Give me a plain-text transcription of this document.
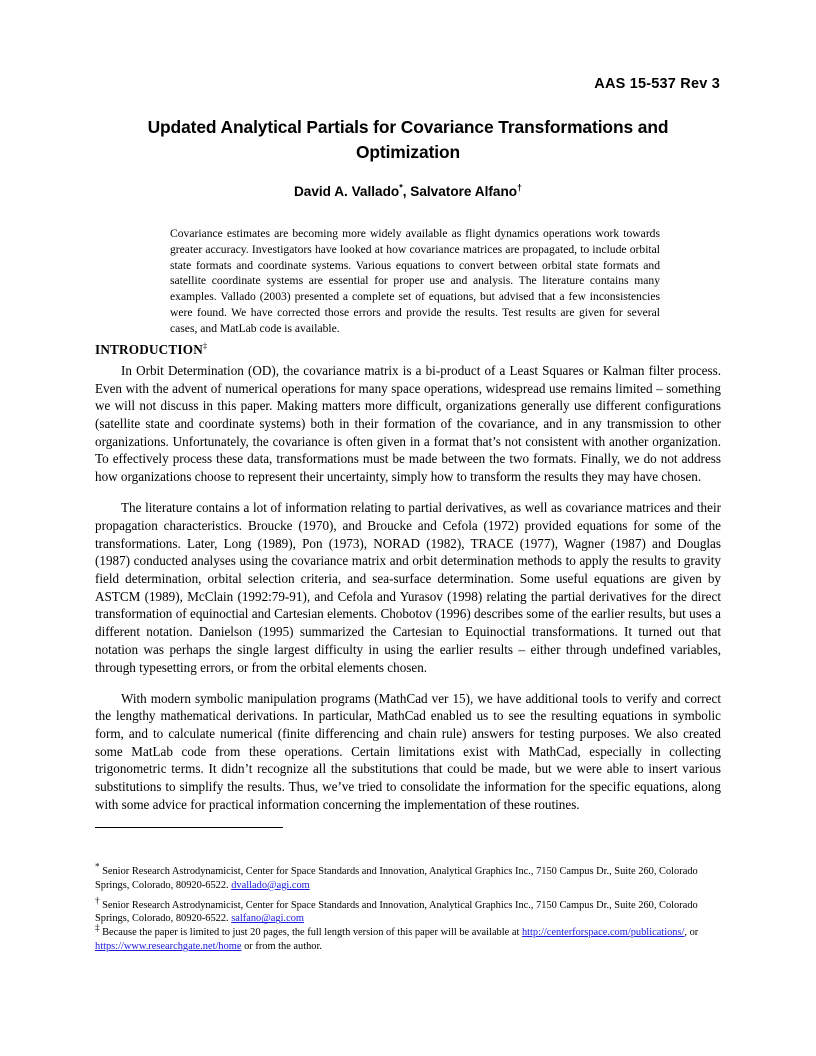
AAS 15-537 Rev 3
Updated Analytical Partials for Covariance Transformations and Optimization
David A. Vallado*, Salvatore Alfano†
Covariance estimates are becoming more widely available as flight dynamics operations work towards greater accuracy. Investigators have looked at how covariance matrices are propagated, to include orbital state formats and coordinate systems. Various equations to convert between orbital state formats and satellite coordinate systems are essential for proper use and analysis. The literature contains many examples. Vallado (2003) presented a complete set of equations, but advised that a few inconsistencies were found. We have corrected those errors and provide the results. Test results are given for several cases, and MatLab code is available.
INTRODUCTION‡

In Orbit Determination (OD), the covariance matrix is a bi-product of a Least Squares or Kalman filter process. Even with the advent of numerical operations for many space operations, widespread use remains limited – something we will not discuss in this paper. Making matters more difficult, organizations generally use different configurations (satellite state and coordinate systems) both in their formation of the covariance, and in any transmission to other organizations. Unfortunately, the covariance is often given in a format that’s not consistent with another organization. To effectively process these data, transformations must be made between the two formats. Finally, we do not address how organizations choose to represent their uncertainty, simply how to transform the results they may have chosen.

The literature contains a lot of information relating to partial derivatives, as well as covariance matrices and their propagation characteristics. Broucke (1970), and Broucke and Cefola (1972) provided equations for some of the transformations. Later, Long (1989), Pon (1973), NORAD (1982), TRACE (1977), Wagner (1987) and Douglas (1987) conducted analyses using the covariance matrix and orbit determination methods to apply the results to gravity field determination, orbital selection criteria, and sea-surface determination. Some useful equations are given by ASTCM (1989), McClain (1992:79-91), and Cefola and Yurasov (1998) relating the partial derivatives for the direct transformation of equinoctial and Cartesian elements. Chobotov (1996) describes some of the earlier results, but uses a different notation. Danielson (1995) summarized the Cartesian to Equinoctial transformations. It turned out that notation was perhaps the single largest difficulty in using the earlier results – either through undefined variables, through typesetting errors, or from the orbital elements chosen.

With modern symbolic manipulation programs (MathCad ver 15), we have additional tools to verify and correct the lengthy mathematical derivations. In particular, MathCad enabled us to see the resulting equations in symbolic form, and to calculate numerical (finite differencing and chain rule) answers for testing purposes. We also created some MatLab code from these operations. Certain limitations exist with MathCad, especially in collecting trigonometric terms. It didn’t recognize all the substitutions that could be made, but we were able to insert various substitutions to simplify the results. Thus, we’ve tried to consolidate the information for the specific equations, along with some advice for practical information concerning the implementation of these routines.

* Senior Research Astrodynamicist, Center for Space Standards and Innovation, Analytical Graphics Inc., 7150 Campus Dr., Suite 260, Colorado Springs, Colorado, 80920-6522. dvallado@agi.com
† Senior Research Astrodynamicist, Center for Space Standards and Innovation, Analytical Graphics Inc., 7150 Campus Dr., Suite 260, Colorado Springs, Colorado, 80920-6522. salfano@agi.com
‡ Because the paper is limited to just 20 pages, the full length version of this paper will be available at http://centerforspace.com/publications/, or https://www.researchgate.net/home or from the author.
